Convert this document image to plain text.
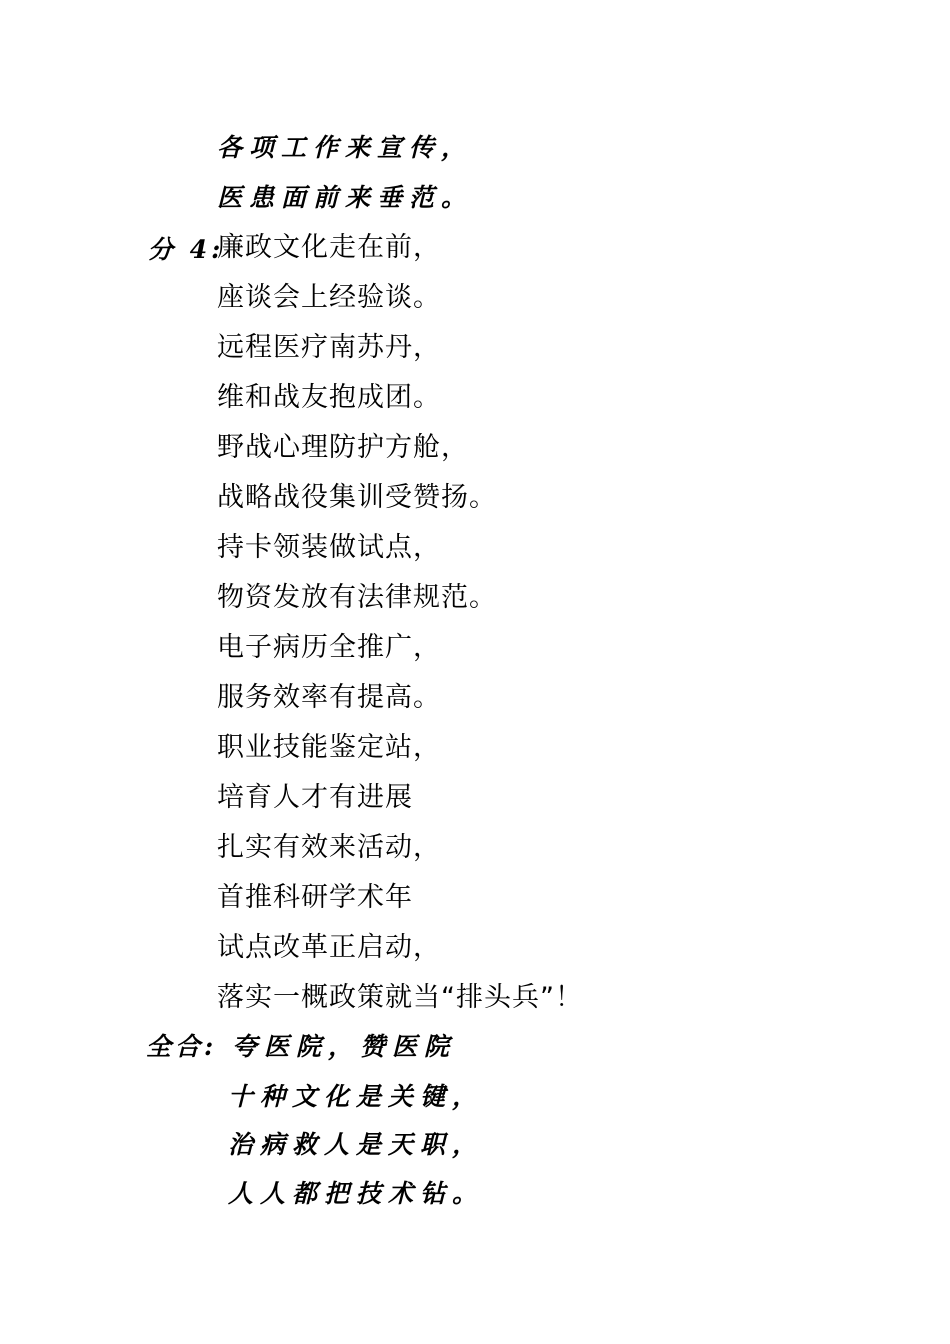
各项工作来宣传，
医患面前来垂范。
分 4:
廉政文化走在前，
座谈会上经验谈。
远程医疗南苏丹，
维和战友抱成团。
野战心理防护方舱，
战略战役集训受赞扬。
持卡领装做试点，
物资发放有法律规范。
电子病历全推广，
服务效率有提高。
职业技能鉴定站，
培育人才有进展
扎实有效来活动，
首推科研学术年
试点改革正启动，
落实一概政策就当“排头兵”！
全合: 夸医院，赞医院
十种文化是关键，
治病救人是天职，
人人都把技术钻。
